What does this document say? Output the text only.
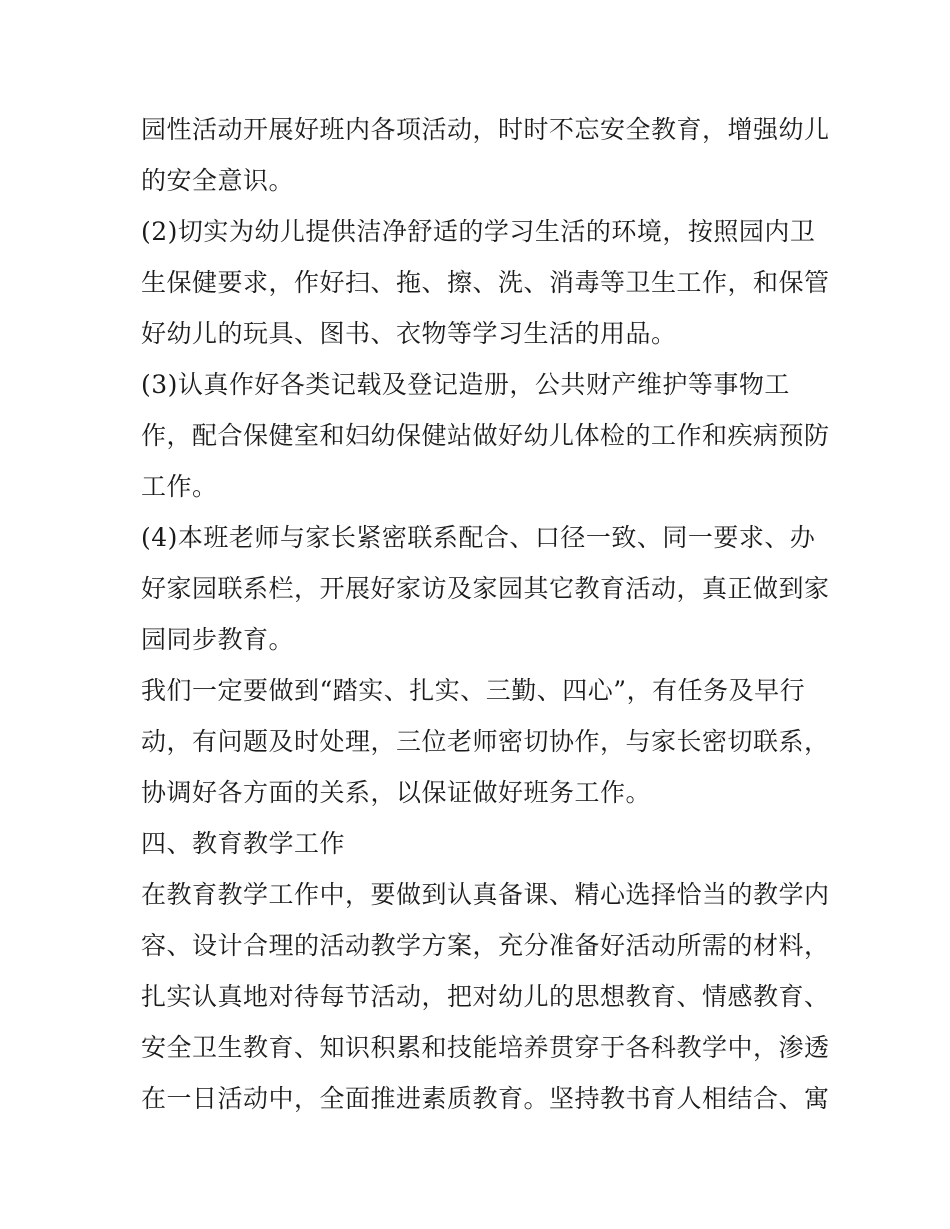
园性活动开展好班内各项活动，时时不忘安全教育，增强幼儿
的安全意识。
(2)切实为幼儿提供洁净舒适的学习生活的环境，按照园内卫
生保健要求，作好扫、拖、擦、洗、消毒等卫生工作，和保管
好幼儿的玩具、图书、衣物等学习生活的用品。
(3)认真作好各类记载及登记造册，公共财产维护等事物工
作，配合保健室和妇幼保健站做好幼儿体检的工作和疾病预防
工作。
(4)本班老师与家长紧密联系配合、口径一致、同一要求、办
好家园联系栏，开展好家访及家园其它教育活动，真正做到家
园同步教育。
我们一定要做到“踏实、扎实、三勤、四心”，有任务及早行
动，有问题及时处理，三位老师密切协作，与家长密切联系，
协调好各方面的关系，以保证做好班务工作。
四、教育教学工作
在教育教学工作中，要做到认真备课、精心选择恰当的教学内
容、设计合理的活动教学方案，充分准备好活动所需的材料，
扎实认真地对待每节活动，把对幼儿的思想教育、情感教育、
安全卫生教育、知识积累和技能培养贯穿于各科教学中，渗透
在一日活动中，全面推进素质教育。坚持教书育人相结合、寓
